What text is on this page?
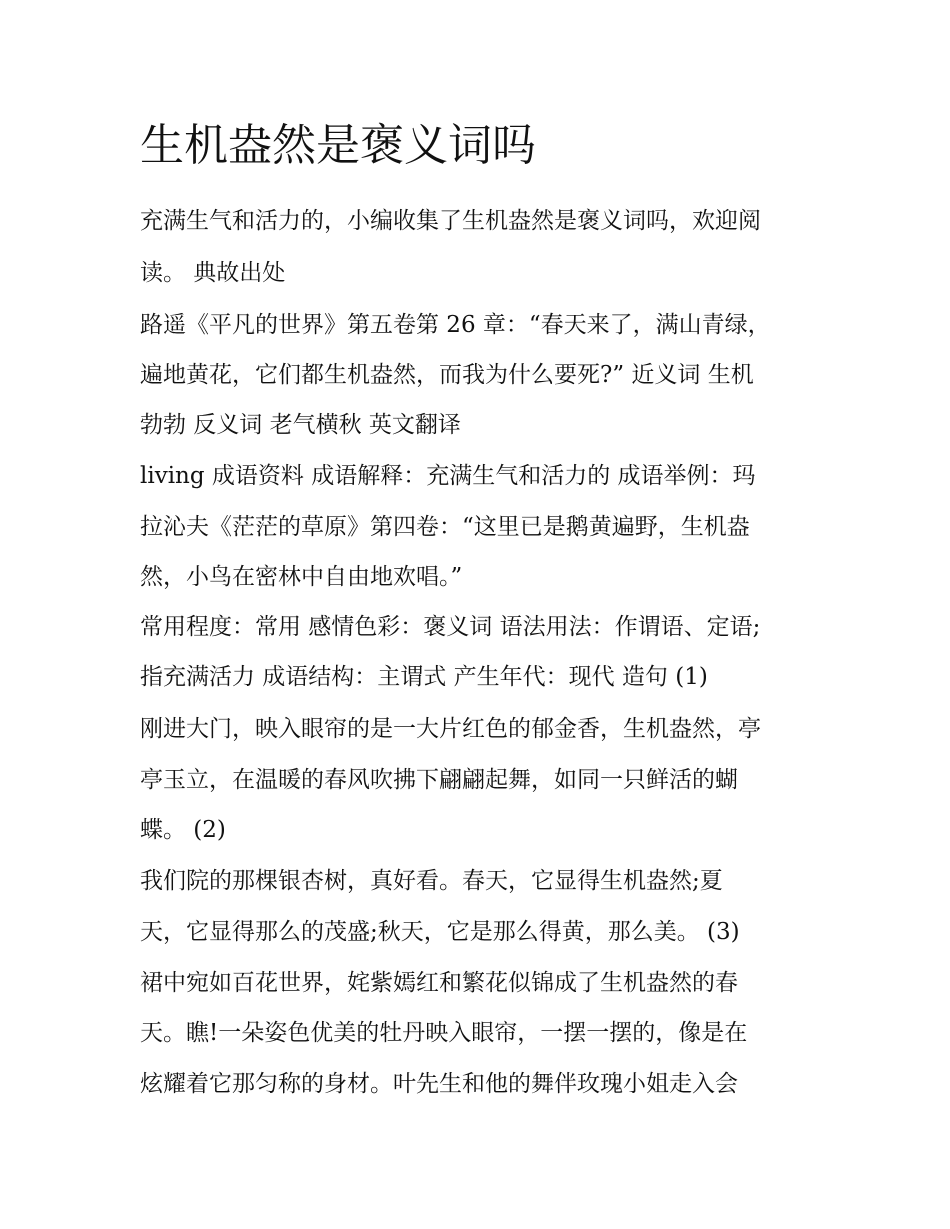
生机盎然是褒义词吗

充满生气和活力的，小编收集了生机盎然是褒义词吗，欢迎阅

读。 典故出处

路遥《平凡的世界》第五卷第 26 章：“春天来了，满山青绿，

遍地黄花，它们都生机盎然，而我为什么要死?” 近义词 生机

勃勃 反义词 老气横秋 英文翻译

living 成语资料 成语解释：充满生气和活力的 成语举例：玛

拉沁夫《茫茫的草原》第四卷：“这里已是鹅黄遍野，生机盎

然，小鸟在密林中自由地欢唱。”

常用程度：常用 感情色彩：褒义词 语法用法：作谓语、定语;

指充满活力 成语结构：主谓式 产生年代：现代 造句 (1)

刚进大门，映入眼帘的是一大片红色的郁金香，生机盎然，亭

亭玉立，在温暖的春风吹拂下翩翩起舞，如同一只鲜活的蝴

蝶。 (2)

我们院的那棵银杏树，真好看。春天，它显得生机盎然;夏

天，它显得那么的茂盛;秋天，它是那么得黄，那么美。 (3)

裙中宛如百花世界，姹紫嫣红和繁花似锦成了生机盎然的春

天。瞧!一朵姿色优美的牡丹映入眼帘，一摆一摆的，像是在

炫耀着它那匀称的身材。叶先生和他的舞伴玫瑰小姐走入会
